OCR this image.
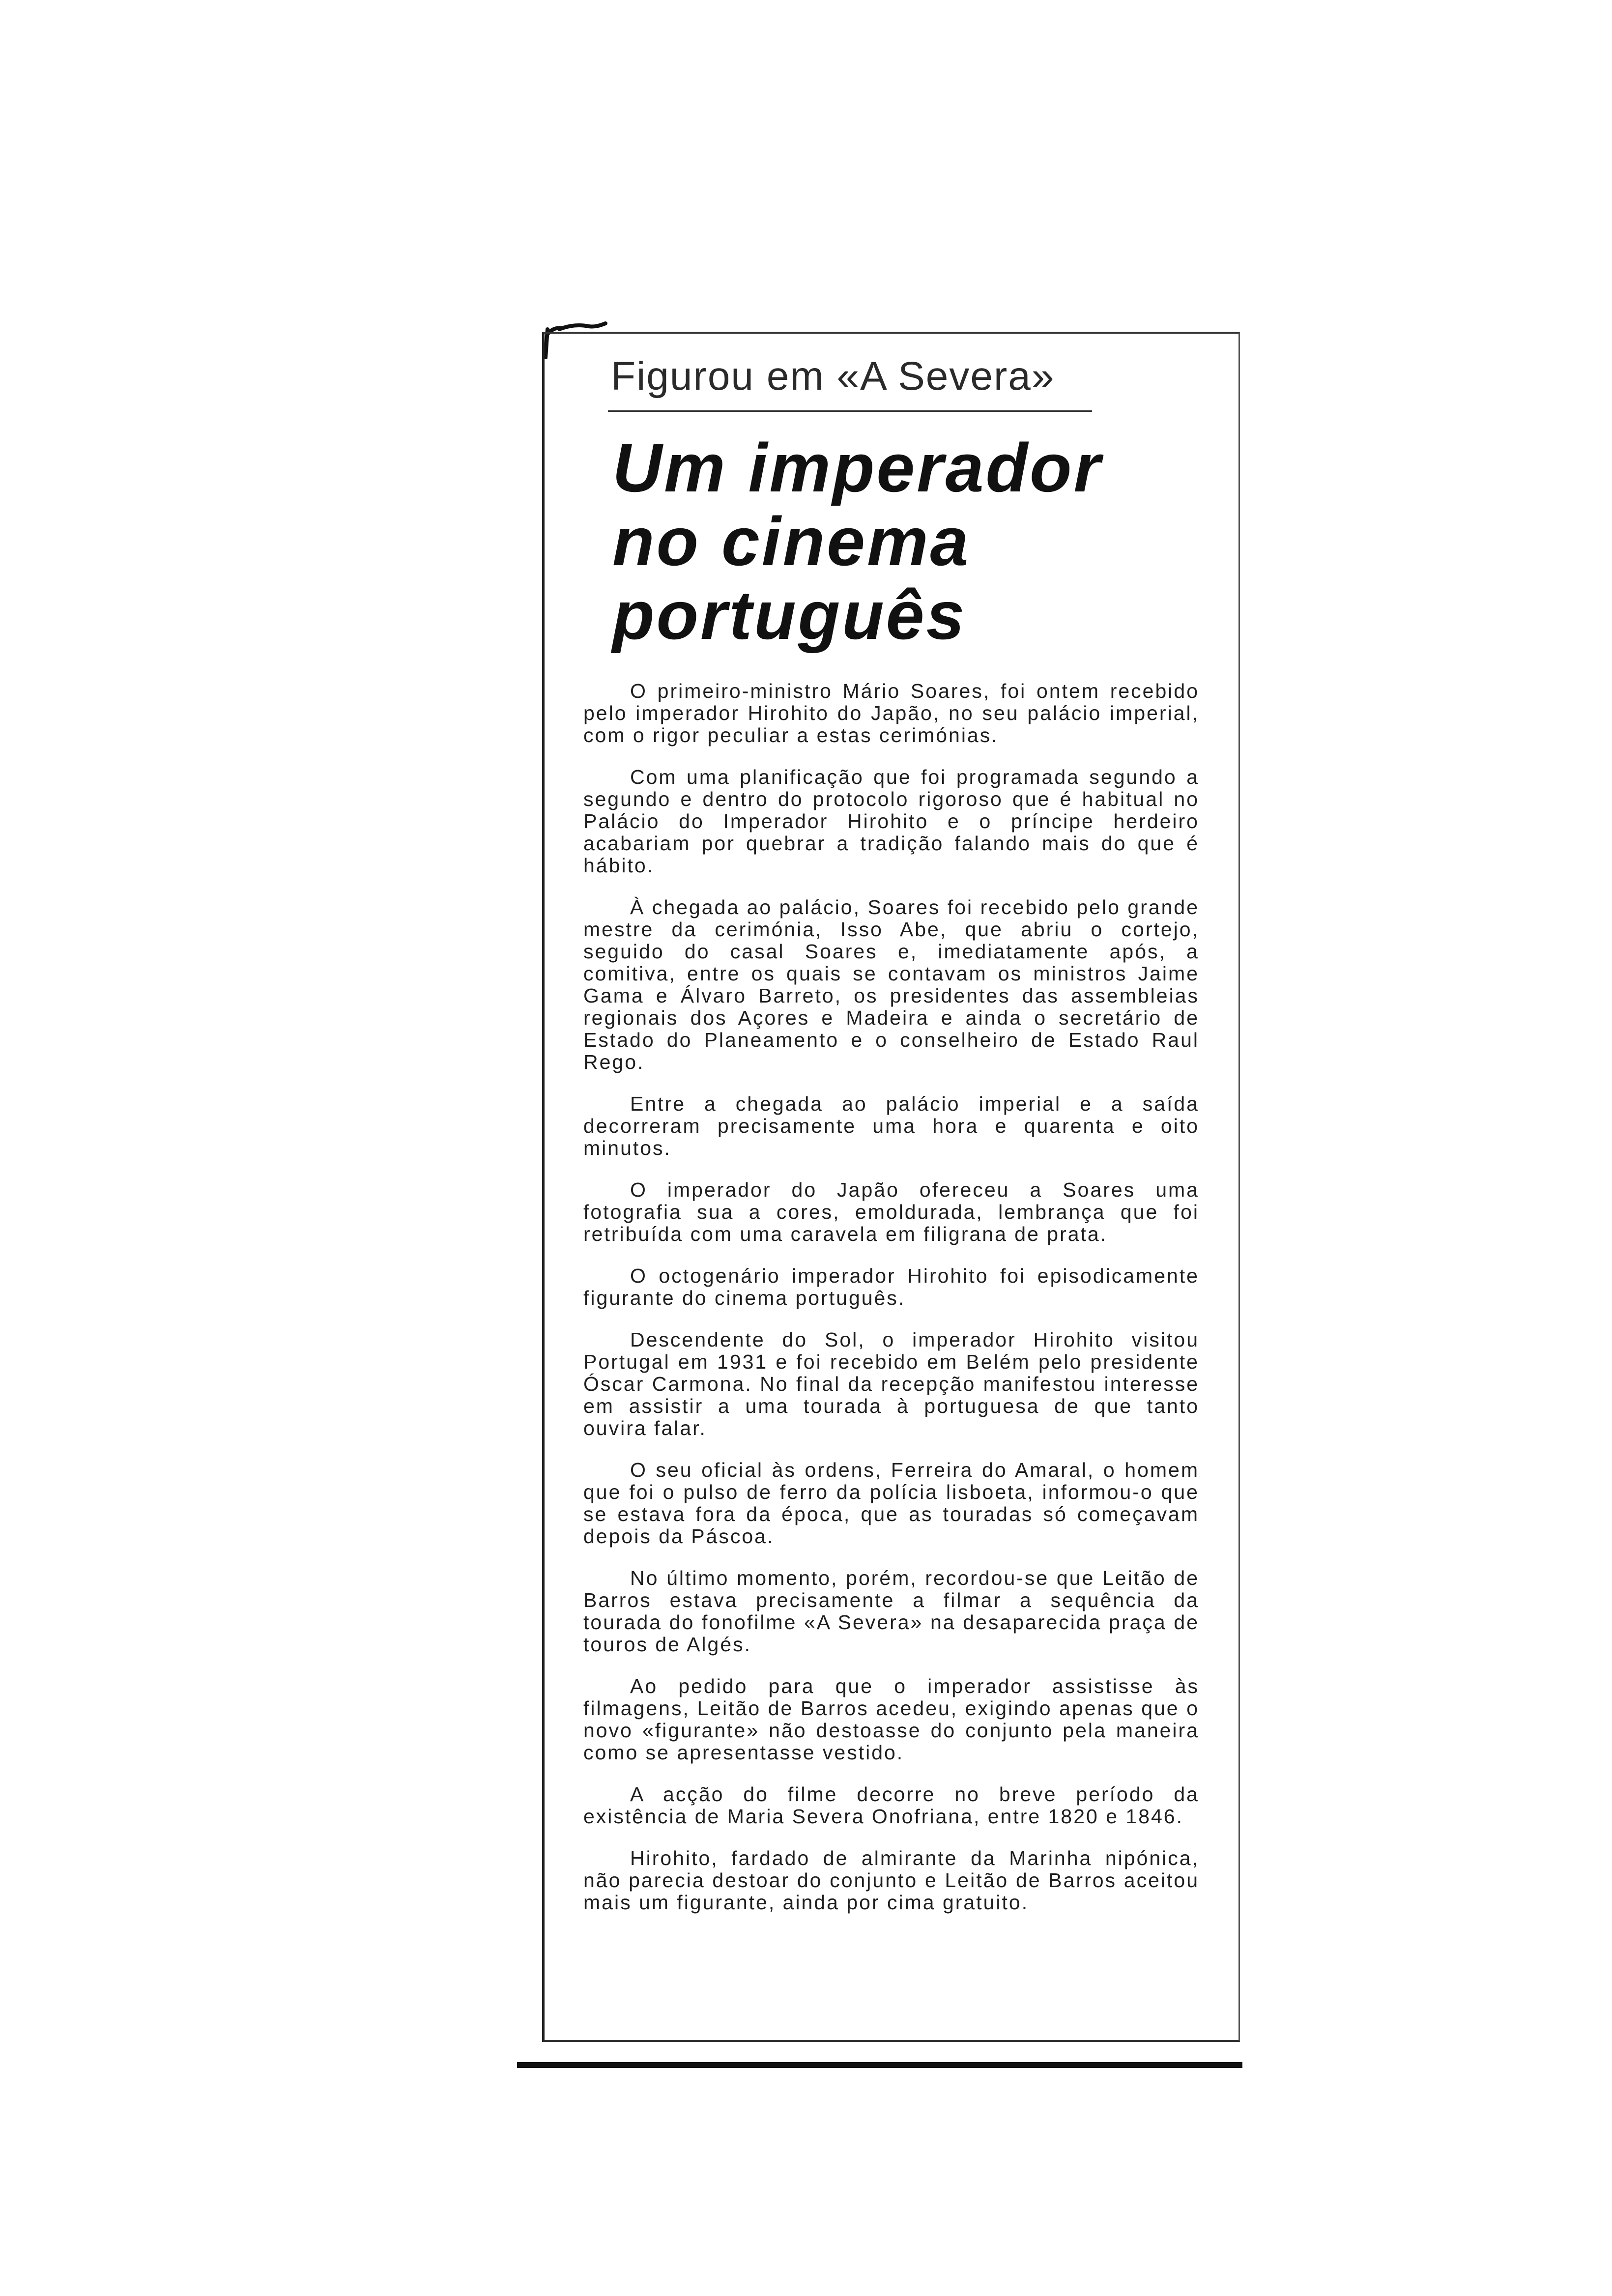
Figurou em «A Severa»
Um imperador
no cinema
português

O primeiro-ministro Mário Soares, foi ontem recebido pelo imperador Hirohito do Japão, no seu palácio imperial, com o rigor peculiar a estas cerimónias.

Com uma planificação que foi programada segundo a segundo e dentro do protocolo rigoroso que é habitual no Palácio do Imperador Hirohito e o príncipe herdeiro acabariam por quebrar a tradição falando mais do que é hábito.

À chegada ao palácio, Soares foi recebido pelo grande mestre da cerimónia, Isso Abe, que abriu o cortejo, seguido do casal Soares e, imediatamente após, a comitiva, entre os quais se contavam os ministros Jaime Gama e Álvaro Barreto, os presidentes das assembleias regionais dos Açores e Madeira e ainda o secretário de Estado do Planeamento e o conselheiro de Estado Raul Rego.

Entre a chegada ao palácio imperial e a saída decorreram precisamente uma hora e quarenta e oito minutos.

O imperador do Japão ofereceu a Soares uma fotografia sua a cores, emoldurada, lembrança que foi retribuída com uma caravela em filigrana de prata.

O octogenário imperador Hirohito foi episodicamente figurante do cinema português.

Descendente do Sol, o imperador Hirohito visitou Portugal em 1931 e foi recebido em Belém pelo presidente Óscar Carmona. No final da recepção manifestou interesse em assistir a uma tourada à portuguesa de que tanto ouvira falar.

O seu oficial às ordens, Ferreira do Amaral, o homem que foi o pulso de ferro da polícia lisboeta, informou-o que se estava fora da época, que as touradas só começavam depois da Páscoa.

No último momento, porém, recordou-se que Leitão de Barros estava precisamente a filmar a sequência da tourada do fonofilme «A Severa» na desaparecida praça de touros de Algés.

Ao pedido para que o imperador assistisse às filmagens, Leitão de Barros acedeu, exigindo apenas que o novo «figurante» não destoasse do conjunto pela maneira como se apresentasse vestido.

A acção do filme decorre no breve período da existência de Maria Severa Onofriana, entre 1820 e 1846.

Hirohito, fardado de almirante da Marinha nipónica, não parecia destoar do conjunto e Leitão de Barros aceitou mais um figurante, ainda por cima gratuito.
